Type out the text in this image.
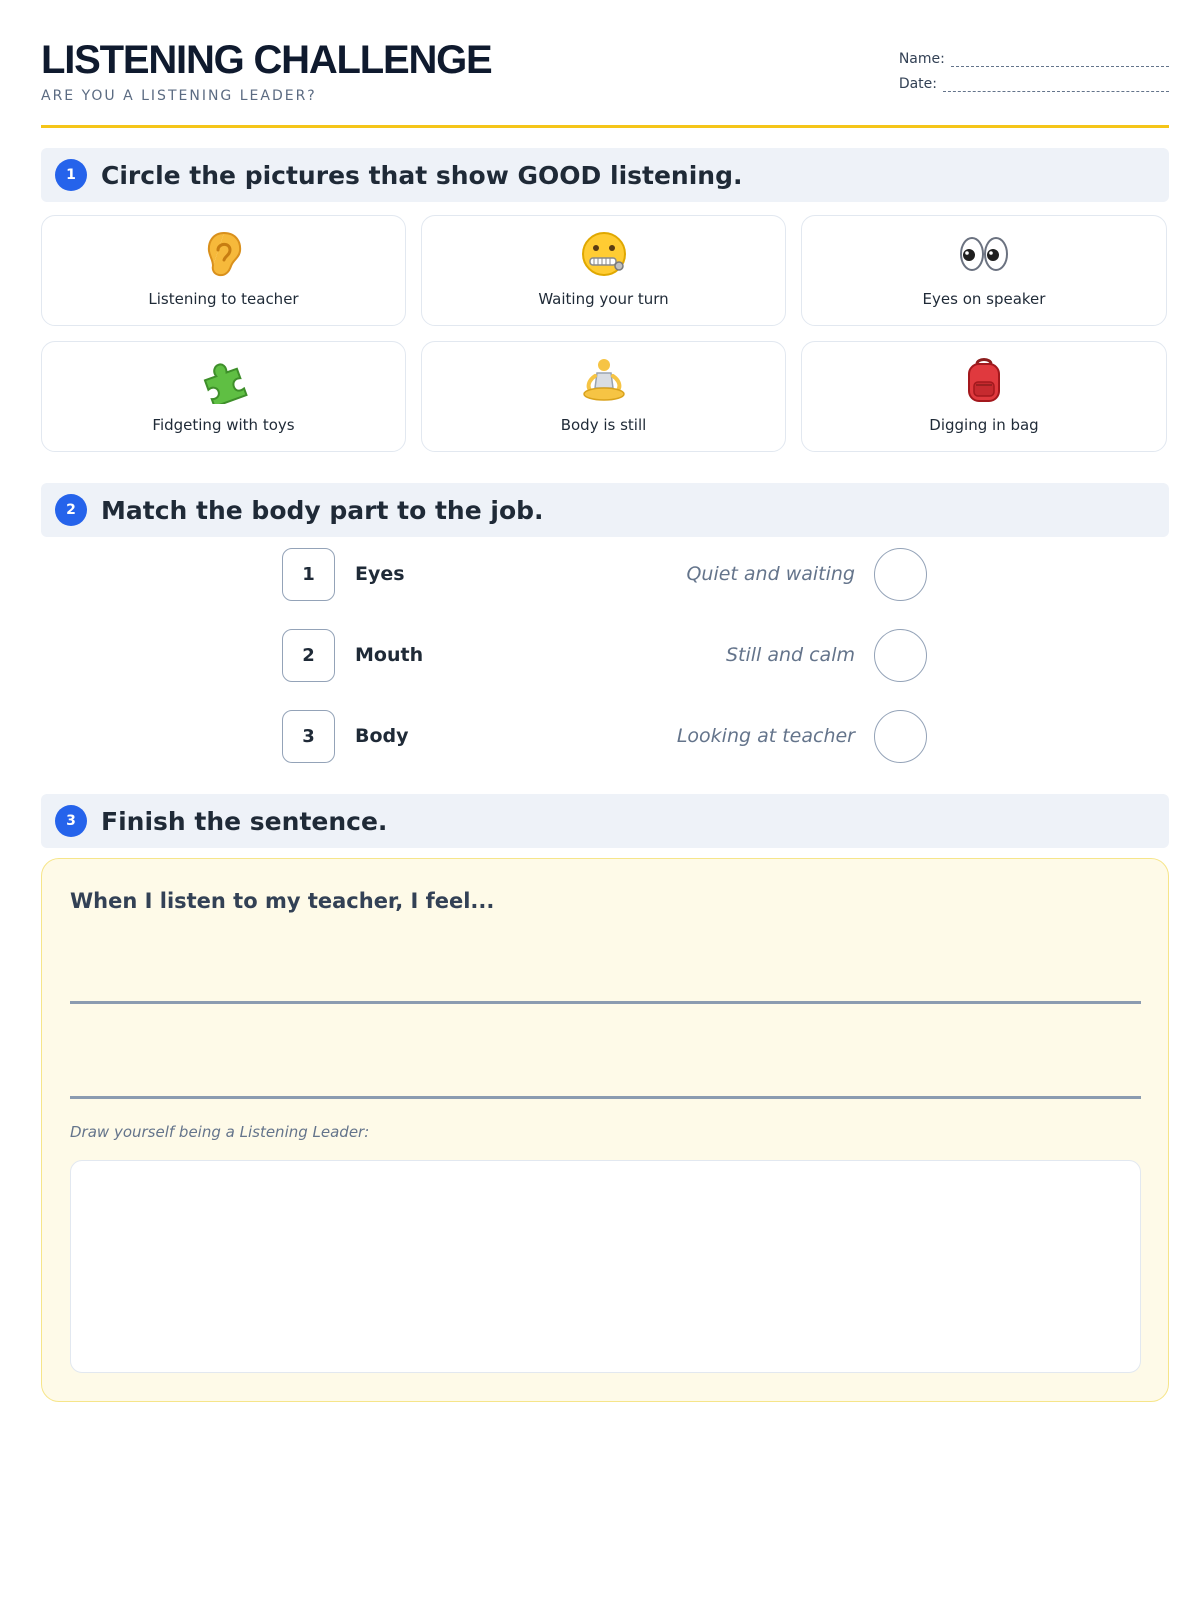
LISTENING CHALLENGE
ARE YOU A LISTENING LEADER?
Name:
Date:
1	Circle the pictures that show GOOD listening.
Listening to teacher	Waiting your turn	Eyes on speaker
Fidgeting with toys	Body is still	Digging in bag
2	Match the body part to the job.
1	Eyes	Quiet and waiting
2	Mouth	Still and calm
3	Body	Looking at teacher
3	Finish the sentence.
When I listen to my teacher, I feel...
Draw yourself being a Listening Leader:
